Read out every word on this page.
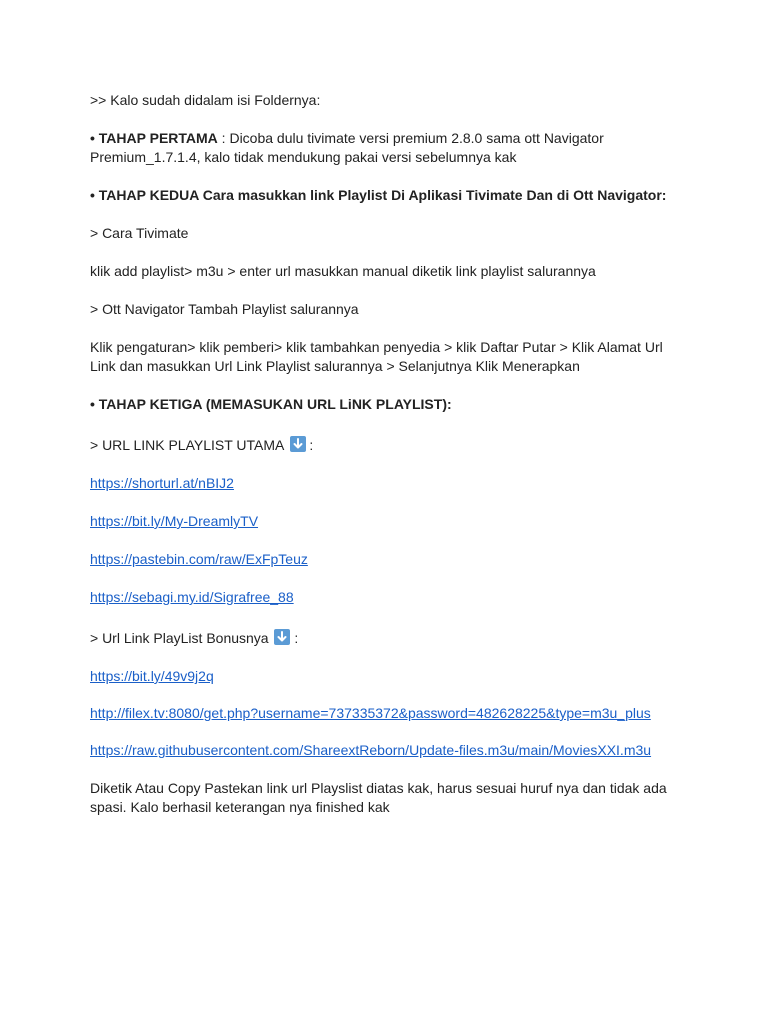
>> Kalo sudah didalam isi Foldernya:

• TAHAP PERTAMA : Dicoba dulu tivimate versi premium 2.8.0 sama ott Navigator Premium_1.7.1.4, kalo tidak mendukung pakai versi sebelumnya kak

• TAHAP KEDUA Cara masukkan link Playlist Di Aplikasi Tivimate Dan di Ott Navigator:

> Cara Tivimate

klik add playlist> m3u > enter url masukkan manual diketik link playlist salurannya

> Ott Navigator Tambah Playlist salurannya

Klik pengaturan> klik pemberi> klik tambahkan penyedia > klik Daftar Putar > Klik Alamat Url Link dan masukkan Url Link Playlist salurannya > Selanjutnya Klik Menerapkan

• TAHAP KETIGA (MEMASUKAN URL LiNK PLAYLIST):

> URL LINK PLAYLIST UTAMA
:

https://shorturl.at/nBIJ2

https://bit.ly/My-DreamlyTV

https://pastebin.com/raw/ExFpTeuz

https://sebagi.my.id/Sigrafree_88

> Url Link PlayList Bonusnya
:

https://bit.ly/49v9j2q

http://filex.tv:8080/get.php?username=737335372&password=482628225&type=m3u_plus

https://raw.githubusercontent.com/ShareextReborn/Update-files.m3u/main/MoviesXXI.m3u

Diketik Atau Copy Pastekan link url Playslist diatas kak, harus sesuai huruf nya dan tidak ada spasi. Kalo berhasil keterangan nya finished kak
